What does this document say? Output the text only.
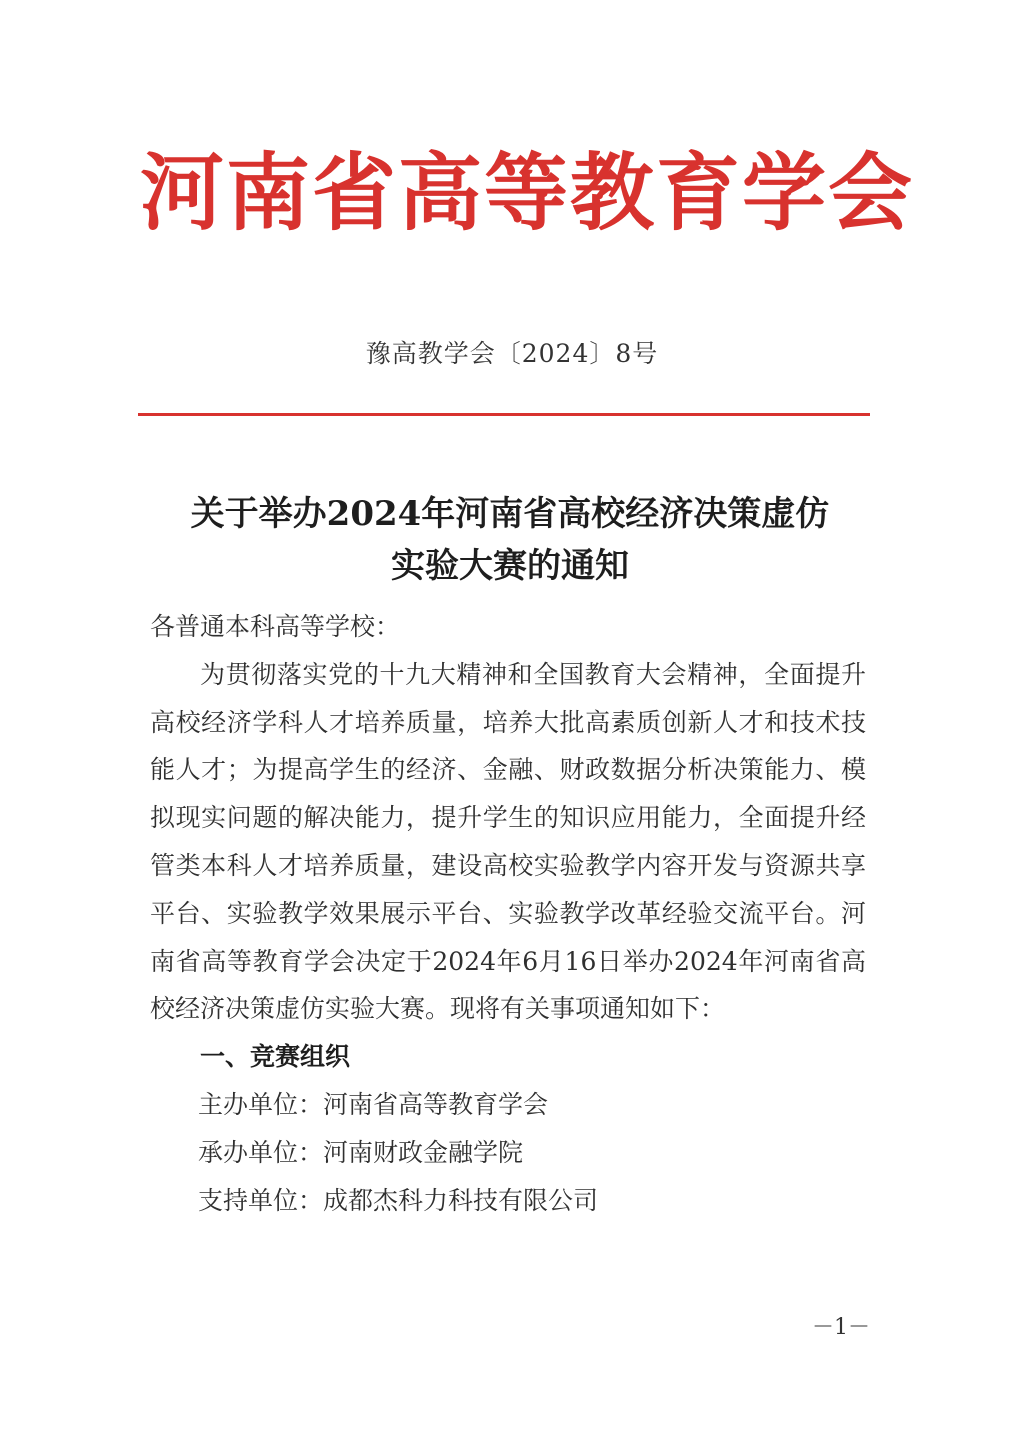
河南省高等教育学会
豫高教学会〔2024〕8号
关于举办2024年河南省高校经济决策虚仿
实验大赛的通知

各普通本科高等学校：

为贯彻落实党的十九大精神和全国教育大会精神，全面提升高校经济学科人才培养质量，培养大批高素质创新人才和技术技能人才；为提高学生的经济、金融、财政数据分析决策能力、模拟现实问题的解决能力，提升学生的知识应用能力，全面提升经管类本科人才培养质量，建设高校实验教学内容开发与资源共享平台、实验教学效果展示平台、实验教学改革经验交流平台。河南省高等教育学会决定于2024年6月16日举办2024年河南省高校经济决策虚仿实验大赛。现将有关事项通知如下：

一、竞赛组织

主办单位：河南省高等教育学会

承办单位：河南财政金融学院

支持单位：成都杰科力科技有限公司

－1－
